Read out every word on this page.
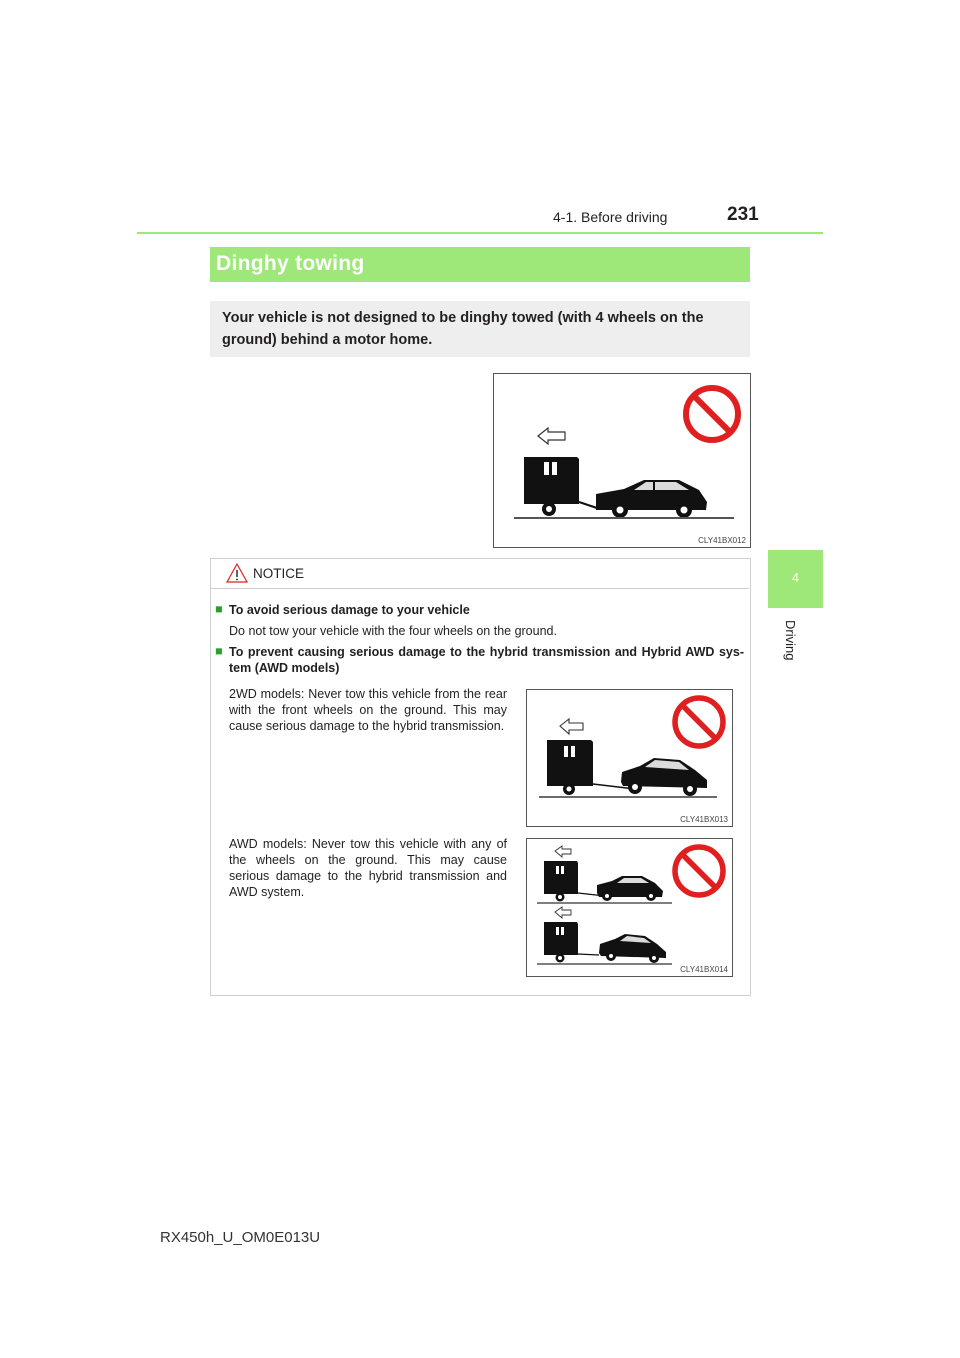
4-1. Before driving	231
4
Driving
Dinghy towing
Your vehicle is not designed to be dinghy towed (with 4 wheels on the ground) behind a motor home.
CLY41BX012
NOTICE
■ To avoid serious damage to your vehicle
Do not tow your vehicle with the four wheels on the ground.
■ To prevent causing serious damage to the hybrid transmission and Hybrid AWD sys-tem (AWD models)
2WD models: Never tow this vehicle from the rear with the front wheels on the ground. This may cause serious damage to the hybrid transmission.
CLY41BX013
AWD models: Never tow this vehicle with any of the wheels on the ground. This may cause serious damage to the hybrid transmission and AWD system.
CLY41BX014
RX450h_U_OM0E013U
